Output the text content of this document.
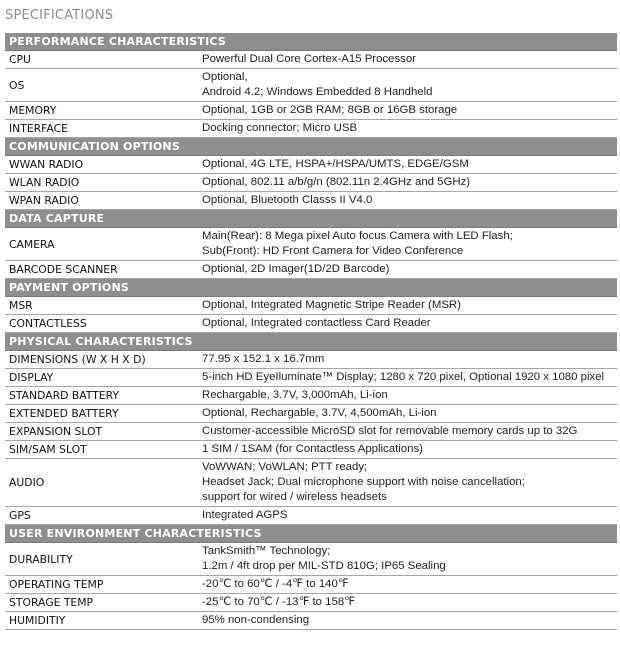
SPECIFICATIONS
PERFORMANCE CHARACTERISTICS	
CPU	Powerful Dual Core Cortex-A15 Processor
OS	Optional,
Android 4.2; Windows Embedded 8 Handheld
MEMORY	Optional, 1GB or 2GB RAM; 8GB or 16GB storage
INTERFACE	Docking connector; Micro USB
COMMUNICATION OPTIONS	
WWAN RADIO	Optional, 4G LTE, HSPA+/HSPA/UMTS, EDGE/GSM
WLAN RADIO	Optional, 802.11 a/b/g/n (802.11n 2.4GHz and 5GHz)
WPAN RADIO	Optional, Bluetooth Classs II V4.0
DATA CAPTURE	
CAMERA	Main(Rear): 8 Mega pixel Auto focus Camera with LED Flash;
Sub(Front): HD Front Camera for Video Conference
BARCODE SCANNER	Optional, 2D Imager(1D/2D Barcode)
PAYMENT OPTIONS	
MSR	Optional, Integrated Magnetic Stripe Reader (MSR)
CONTACTLESS	Optional, Integrated contactless Card Reader
PHYSICAL CHARACTERISTICS	
DIMENSIONS (W X H X D)	77.95 x 152.1 x 16.7mm
DISPLAY	5-inch HD EyeIluminate™ Display; 1280 x 720 pixel, Optional 1920 x 1080 pixel
STANDARD BATTERY	Rechargable, 3.7V, 3,000mAh, Li-ion
EXTENDED BATTERY	Optional, Rechargable, 3.7V, 4,500mAh, Li-ion
EXPANSION SLOT	Customer-accessible MicroSD slot for removable memory cards up to 32G
SIM/SAM SLOT	1 SIM / 1SAM (for Contactless Applications)
AUDIO	VoWWAN; VoWLAN; PTT ready;
Headset Jack; Dual microphone support with noise cancellation;
support for wired / wireless headsets
GPS	Integrated AGPS
USER ENVIRONMENT CHARACTERISTICS	
DURABILITY	TankSmith™ Technology;
1.2m / 4ft drop per MIL-STD 810G; IP65 Sealing
OPERATING TEMP	-20℃ to 60℃ / -4℉ to 140℉
STORAGE TEMP	-25℃ to 70℃ / -13℉ to 158℉
HUMIDITIY	95% non-condensing
